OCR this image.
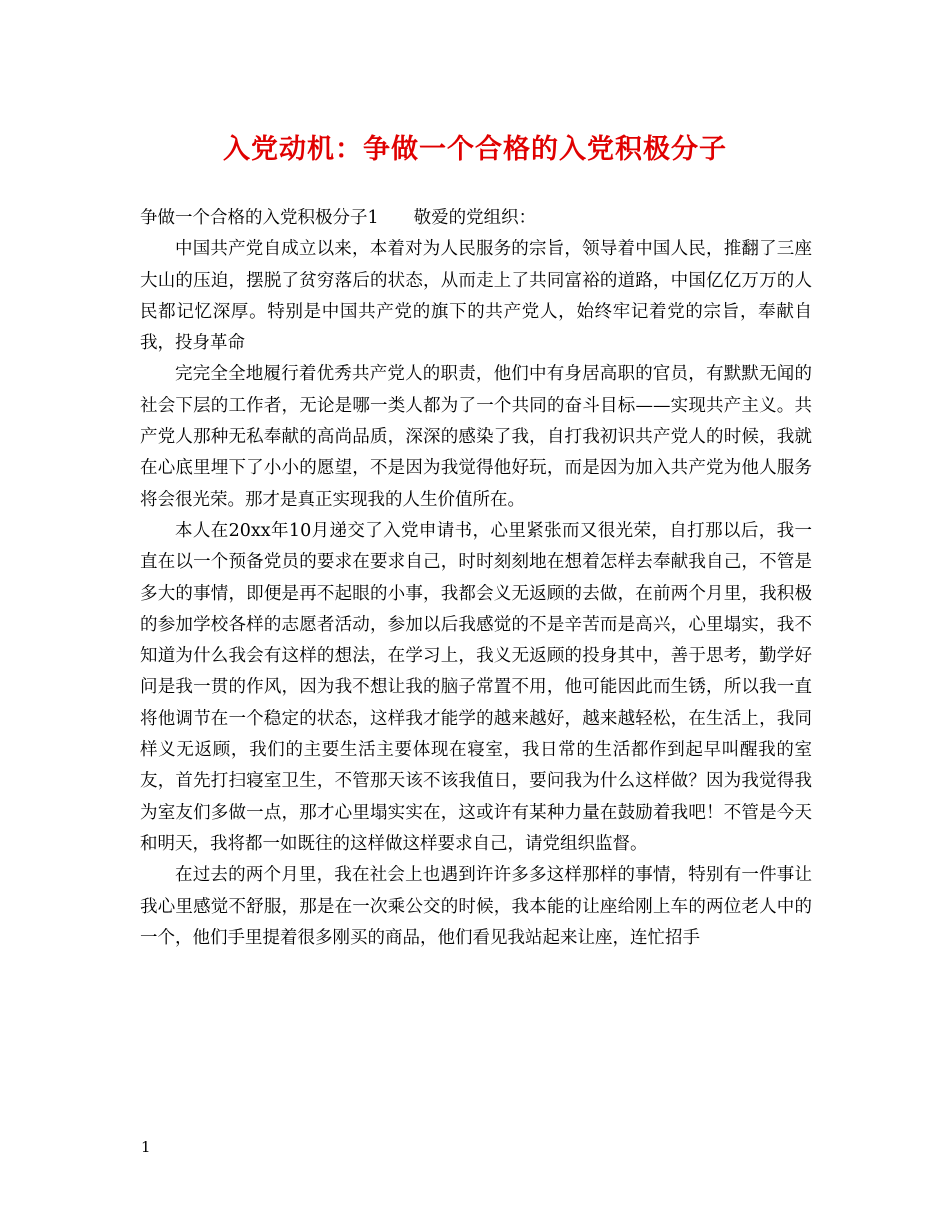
入党动机：争做一个合格的入党积极分子

争做一个合格的入党积极分子1　　敬爱的党组织：

中国共产党自成立以来，本着对为人民服务的宗旨，领导着中国人民，推翻了三座大山的压迫，摆脱了贫穷落后的状态，从而走上了共同富裕的道路，中国亿亿万万的人民都记忆深厚。特别是中国共产党的旗下的共产党人，始终牢记着党的宗旨，奉献自我，投身革命

完完全全地履行着优秀共产党人的职责，他们中有身居高职的官员，有默默无闻的社会下层的工作者，无论是哪一类人都为了一个共同的奋斗目标——实现共产主义。共产党人那种无私奉献的高尚品质，深深的感染了我，自打我初识共产党人的时候，我就在心底里埋下了小小的愿望，不是因为我觉得他好玩，而是因为加入共产党为他人服务将会很光荣。那才是真正实现我的人生价值所在。

本人在20xx年10月递交了入党申请书，心里紧张而又很光荣，自打那以后，我一直在以一个预备党员的要求在要求自己，时时刻刻地在想着怎样去奉献我自己，不管是多大的事情，即便是再不起眼的小事，我都会义无返顾的去做，在前两个月里，我积极的参加学校各样的志愿者活动，参加以后我感觉的不是辛苦而是高兴，心里塌实，我不知道为什么我会有这样的想法，在学习上，我义无返顾的投身其中，善于思考，勤学好问是我一贯的作风，因为我不想让我的脑子常置不用，他可能因此而生锈，所以我一直将他调节在一个稳定的状态，这样我才能学的越来越好，越来越轻松，在生活上，我同样义无返顾，我们的主要生活主要体现在寝室，我日常的生活都作到起早叫醒我的室友，首先打扫寝室卫生，不管那天该不该我值日，要问我为什么这样做？因为我觉得我为室友们多做一点，那才心里塌实实在，这或许有某种力量在鼓励着我吧！不管是今天和明天，我将都一如既往的这样做这样要求自己，请党组织监督。

在过去的两个月里，我在社会上也遇到许许多多这样那样的事情，特别有一件事让我心里感觉不舒服，那是在一次乘公交的时候，我本能的让座给刚上车的两位老人中的一个，他们手里提着很多刚买的商品，他们看见我站起来让座，连忙招手

1
